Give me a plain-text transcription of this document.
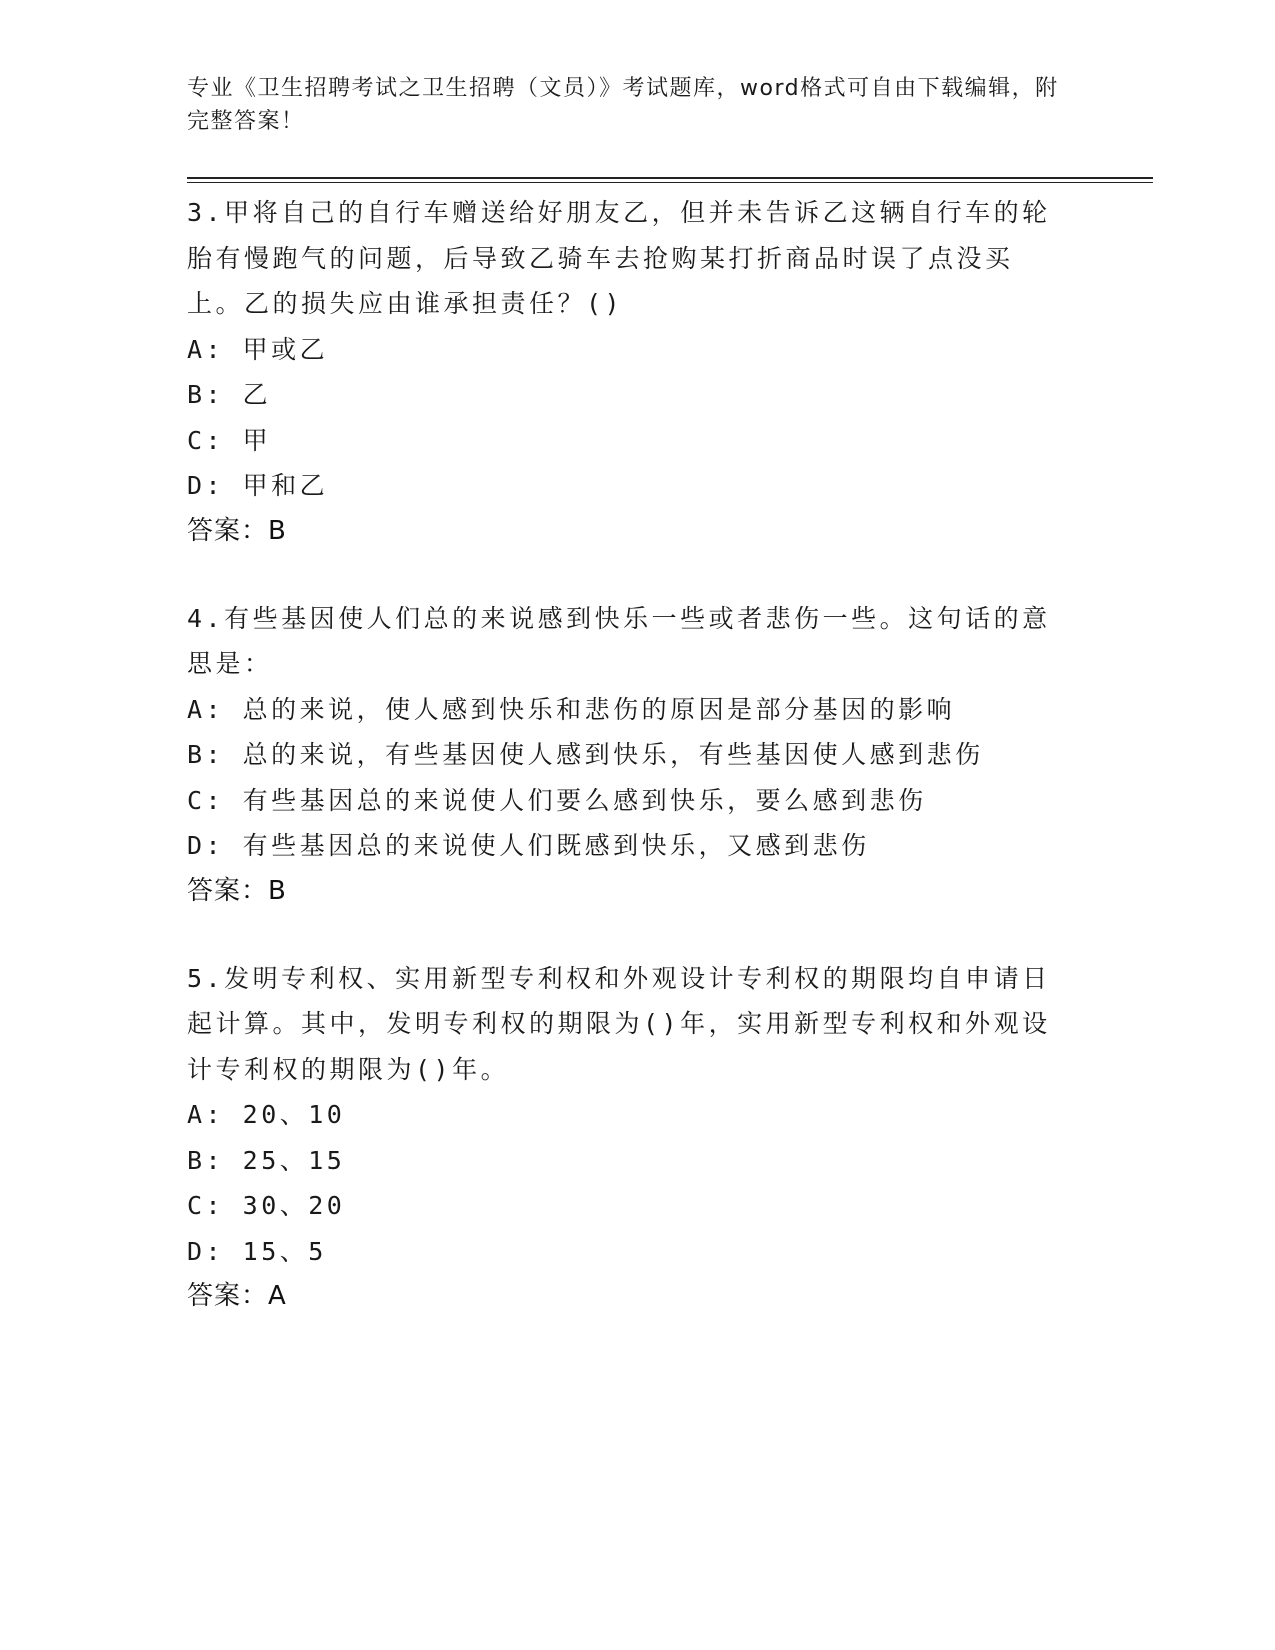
专业《卫生招聘考试之卫生招聘（文员）》考试题库，word格式可自由下载编辑，附完整答案！
3.甲将自己的自行车赠送给好朋友乙，但并未告诉乙这辆自行车的轮胎有慢跑气的问题，后导致乙骑车去抢购某打折商品时误了点没买上。乙的损失应由谁承担责任？()
A: 甲或乙
B: 乙
C: 甲
D: 甲和乙
答案：B
4.有些基因使人们总的来说感到快乐一些或者悲伤一些。这句话的意思是：
A: 总的来说，使人感到快乐和悲伤的原因是部分基因的影响
B: 总的来说，有些基因使人感到快乐，有些基因使人感到悲伤
C: 有些基因总的来说使人们要么感到快乐，要么感到悲伤
D: 有些基因总的来说使人们既感到快乐，又感到悲伤
答案：B
5.发明专利权、实用新型专利权和外观设计专利权的期限均自申请日起计算。其中，发明专利权的期限为()年，实用新型专利权和外观设计专利权的期限为()年。
A: 20、10
B: 25、15
C: 30、20
D: 15、5
答案：A
